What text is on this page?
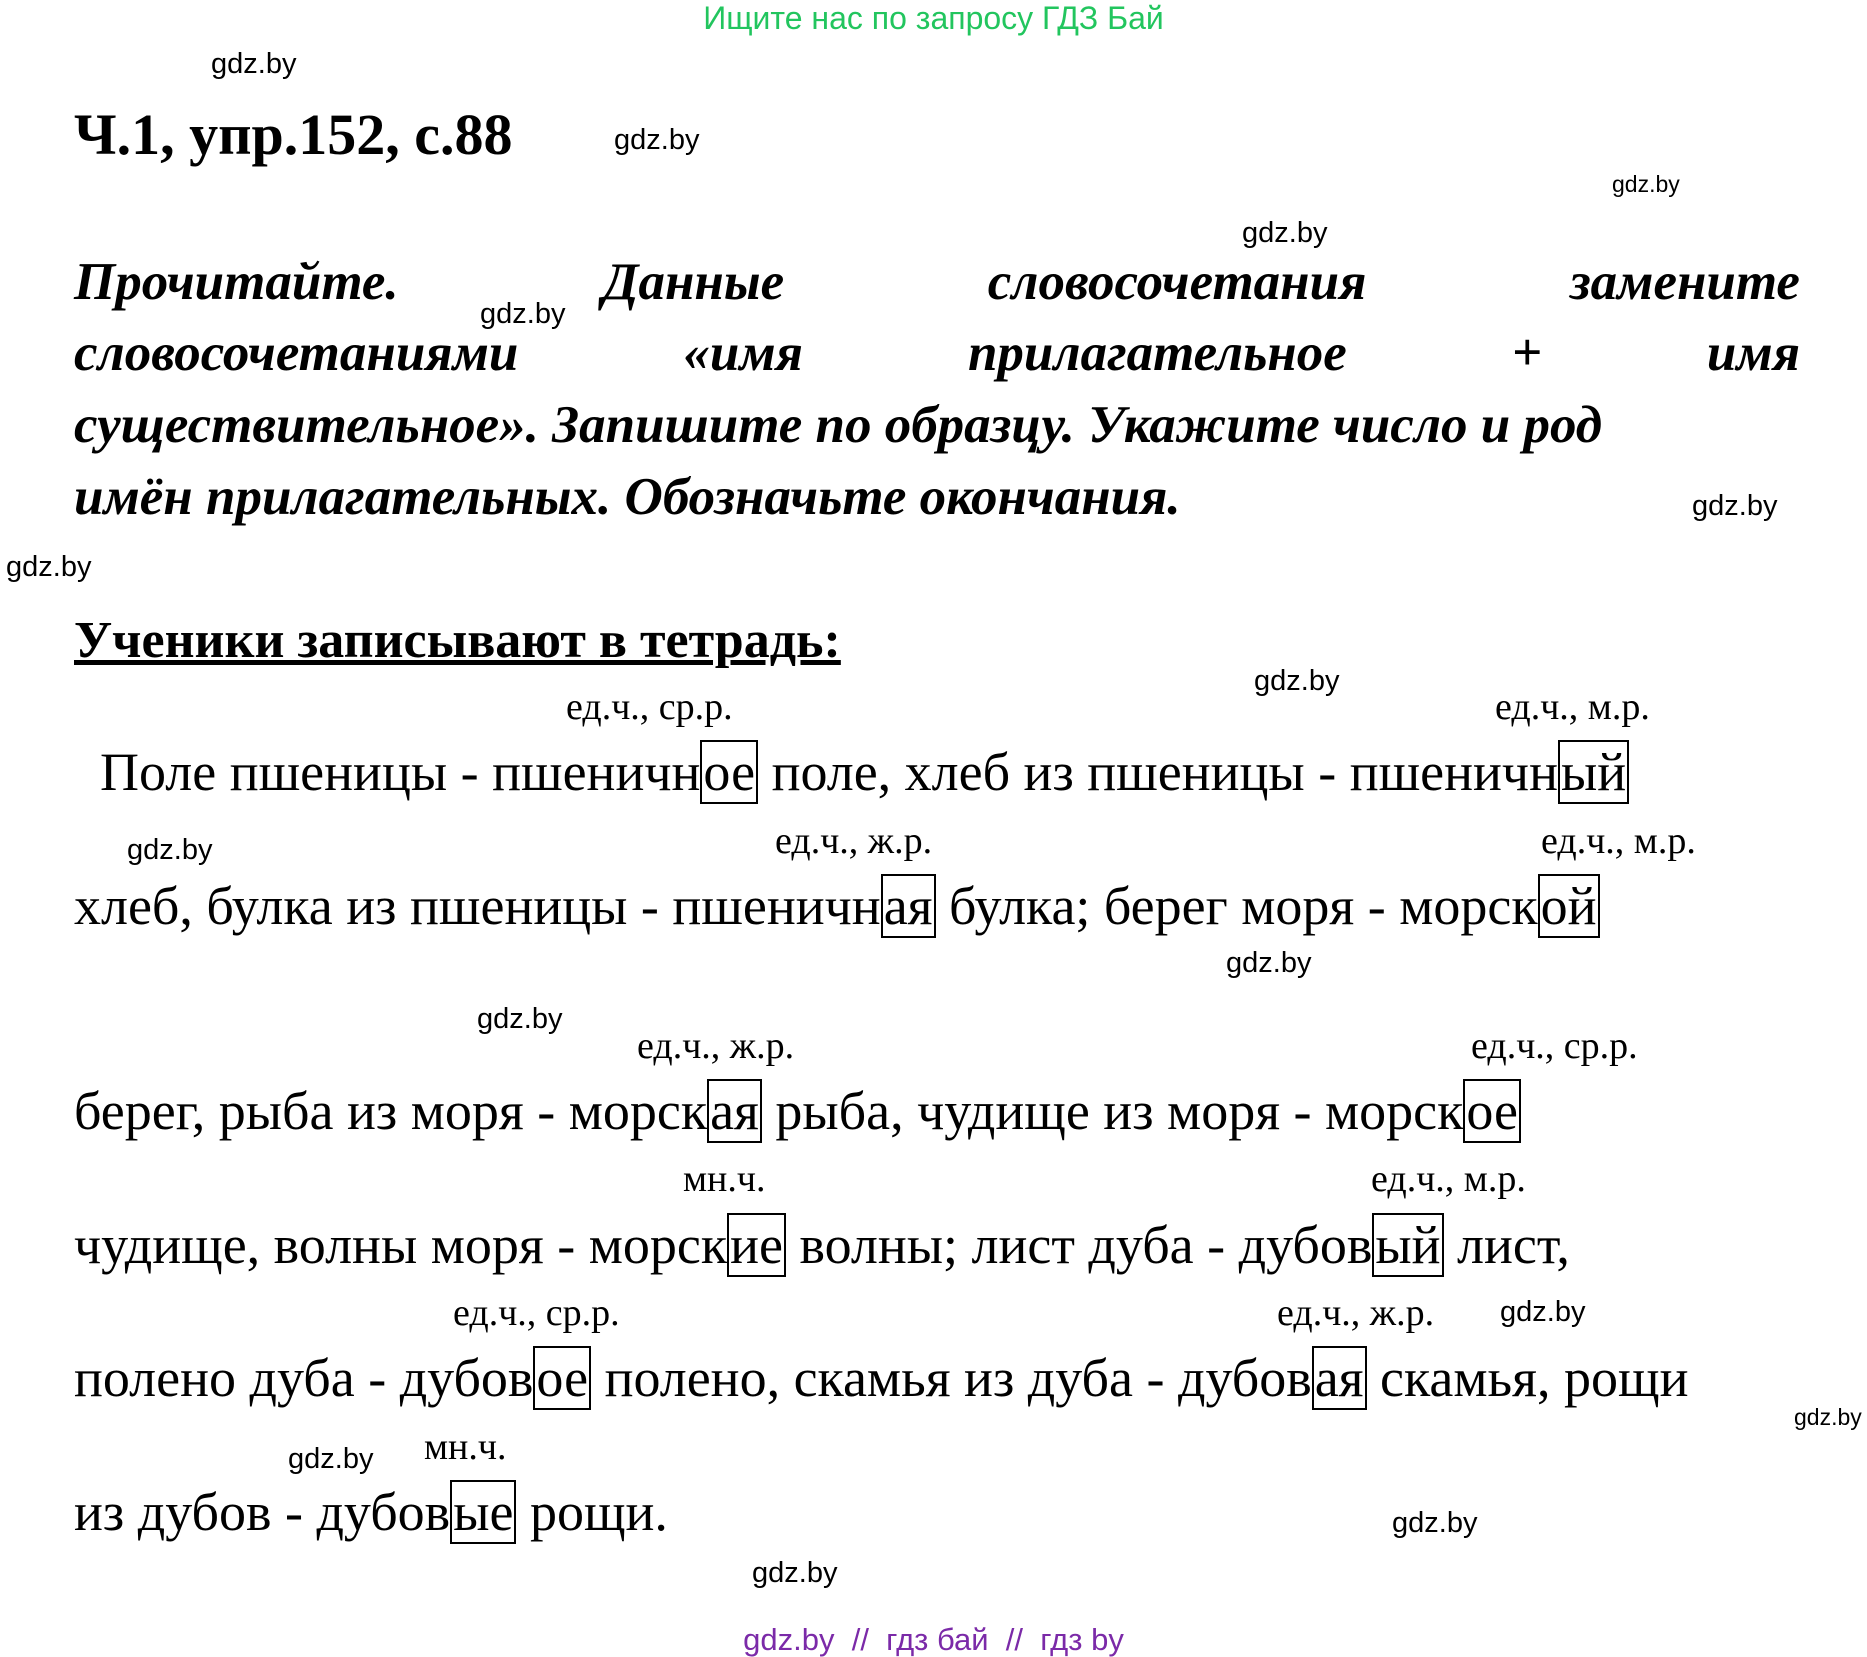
Ищите нас по запросу ГДЗ Бай
gdz.by
gdz.by
gdz.by
gdz.by
gdz.by
gdz.by
gdz.by
gdz.by
gdz.by
gdz.by
gdz.by
gdz.by
gdz.by
gdz.by
gdz.by
gdz.by
Ч.1, упр.152, с.88
Прочитайте.	Данные	словосочетания	замените
словосочетаниями	«имя	прилагательное	+	имя
существительное». Запишите по образцу. Укажите число и род
имён прилагательных. Обозначьте окончания.
Ученики записывают в тетрадь:
ед.ч., ср.р.	ед.ч., м.р.
Поле пшеницы - пшеничное поле, хлеб из пшеницы - пшеничный
ед.ч., ж.р.	ед.ч., м.р.
хлеб, булка из пшеницы - пшеничная булка; берег моря - морской
ед.ч., ж.р.	ед.ч., ср.р.
берег, рыба из моря - морская рыба, чудище из моря - морское
мн.ч.	ед.ч., м.р.
чудище, волны моря - морские волны; лист дуба - дубовый лист,
ед.ч., ср.р.	ед.ч., ж.р.
полено дуба - дубовое полено, скамья из дуба - дубовая скамья, рощи
мн.ч.
из дубов - дубовые рощи.
gdz.by  //  гдз бай  //  гдз by
